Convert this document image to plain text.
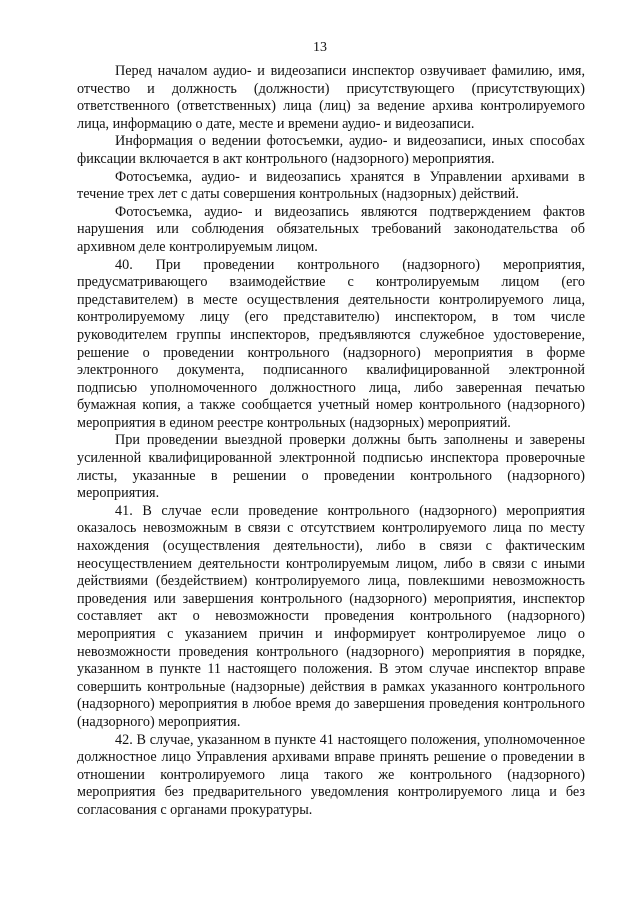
13

Перед началом аудио- и видеозаписи инспектор озвучивает фамилию, имя, отчество и должность (должности) присутствующего (присутствующих) ответственного (ответственных) лица (лиц) за ведение архива контролируемого лица, информацию о дате, месте и времени аудио- и видеозаписи.

Информация о ведении фотосъемки, аудио- и видеозаписи, иных способах фиксации включается в акт контрольного (надзорного) мероприятия.

Фотосъемка, аудио- и видеозапись хранятся в Управлении архивами в течение трех лет с даты совершения контрольных (надзорных) действий.

Фотосъемка, аудио- и видеозапись являются подтверждением фактов нарушения или соблюдения обязательных требований законодательства об архивном деле контролируемым лицом.

40. При проведении контрольного (надзорного) мероприятия, предусматривающего взаимодействие с контролируемым лицом (его представителем) в месте осуществления деятельности контролируемого лица, контролируемому лицу (его представителю) инспектором, в том числе руководителем группы инспекторов, предъявляются служебное удостоверение, решение о проведении контрольного (надзорного) мероприятия в форме электронного документа, подписанного квалифицированной электронной подписью уполномоченного должностного лица, либо заверенная печатью бумажная копия, а также сообщается учетный номер контрольного (надзорного) мероприятия в едином реестре контрольных (надзорных) мероприятий.

При проведении выездной проверки должны быть заполнены и заверены усиленной квалифицированной электронной подписью инспектора проверочные листы, указанные в решении о проведении контрольного (надзорного) мероприятия.

41. В случае если проведение контрольного (надзорного) мероприятия оказалось невозможным в связи с отсутствием контролируемого лица по месту нахождения (осуществления деятельности), либо в связи с фактическим неосуществлением деятельности контролируемым лицом, либо в связи с иными действиями (бездействием) контролируемого лица, повлекшими невозможность проведения или завершения контрольного (надзорного) мероприятия, инспектор составляет акт о невозможности проведения контрольного (надзорного) мероприятия с указанием причин и информирует контролируемое лицо о невозможности проведения контрольного (надзорного) мероприятия в порядке, указанном в пункте 11 настоящего положения. В этом случае инспектор вправе совершить контрольные (надзорные) действия в рамках указанного контрольного (надзорного) мероприятия в любое время до завершения проведения контрольного (надзорного) мероприятия.

42. В случае, указанном в пункте 41 настоящего положения, уполномоченное должностное лицо Управления архивами вправе принять решение о проведении в отношении контролируемого лица такого же контрольного (надзорного) мероприятия без предварительного уведомления контролируемого лица и без согласования с органами прокуратуры.
